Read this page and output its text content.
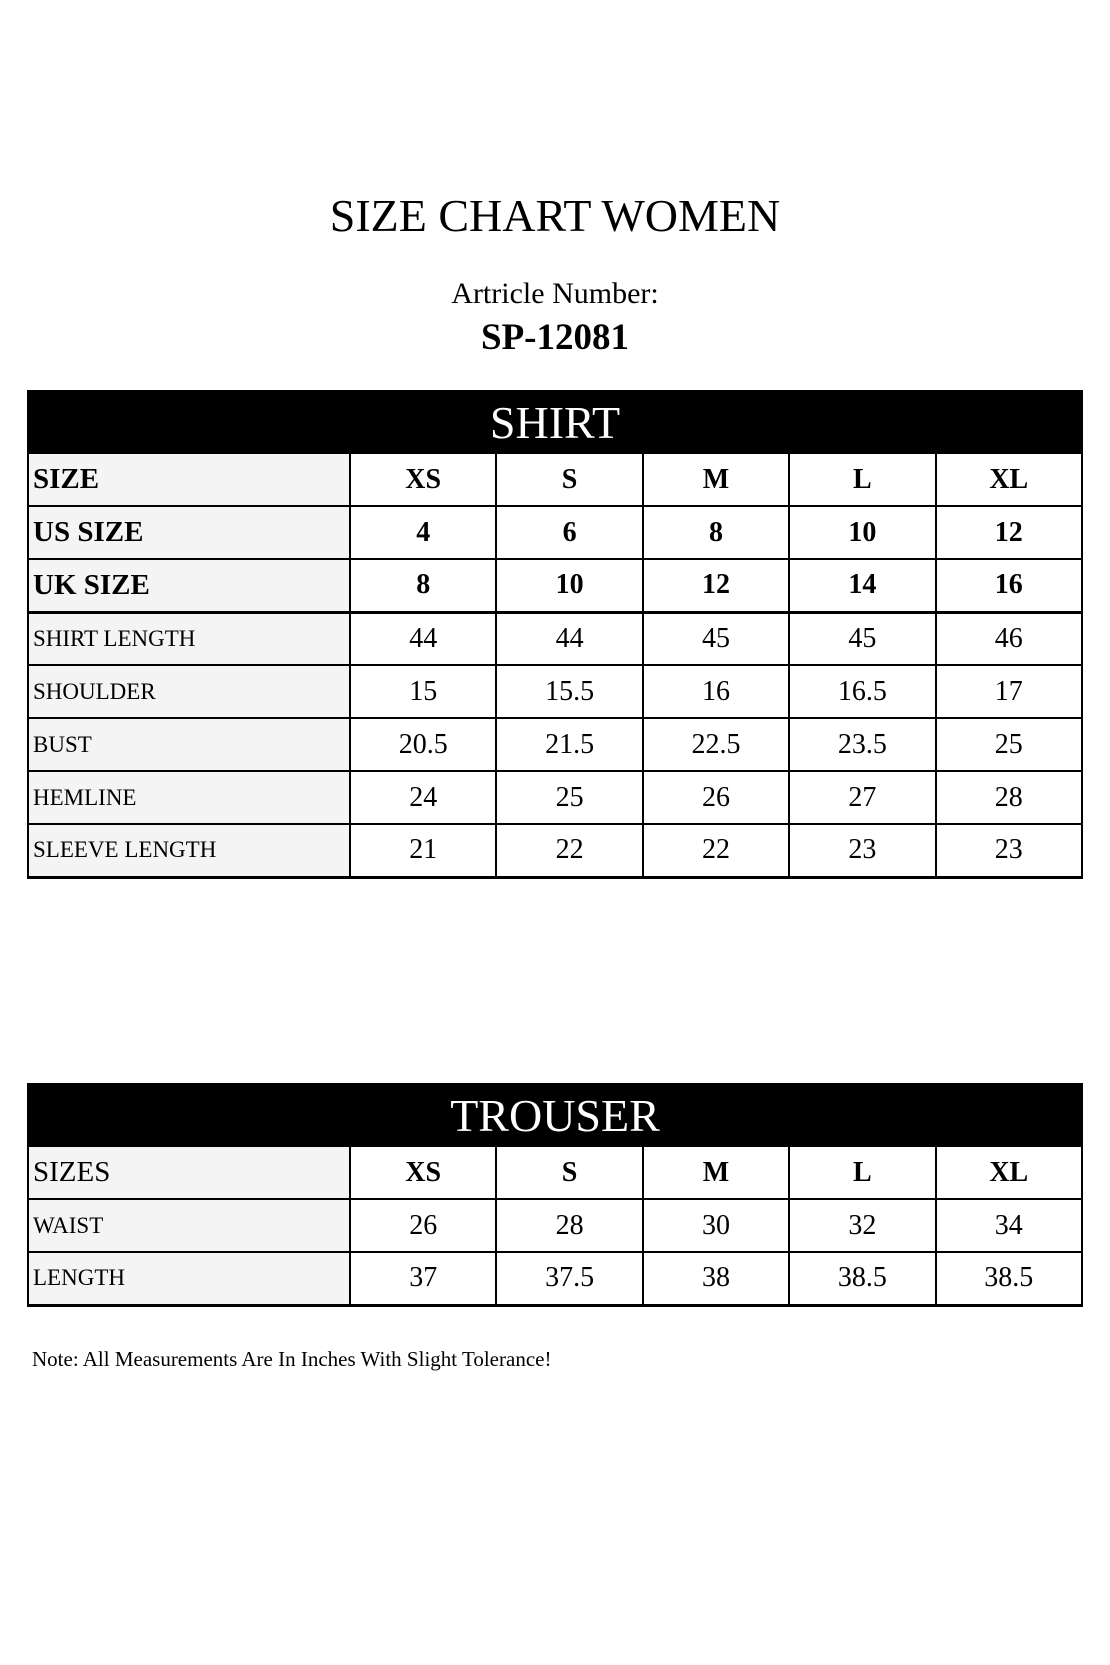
SIZE CHART WOMEN
Artricle Number:
SP-12081
SHIRT					
SIZE	XS	S	M	L	XL
US SIZE	4	6	8	10	12
UK SIZE	8	10	12	14	16
SHIRT LENGTH	44	44	45	45	46
SHOULDER	15	15.5	16	16.5	17
BUST	20.5	21.5	22.5	23.5	25
HEMLINE	24	25	26	27	28
SLEEVE LENGTH	21	22	22	23	23
TROUSER					
SIZES	XS	S	M	L	XL
WAIST	26	28	30	32	34
LENGTH	37	37.5	38	38.5	38.5
Note: All Measurements Are In Inches With Slight Tolerance!
